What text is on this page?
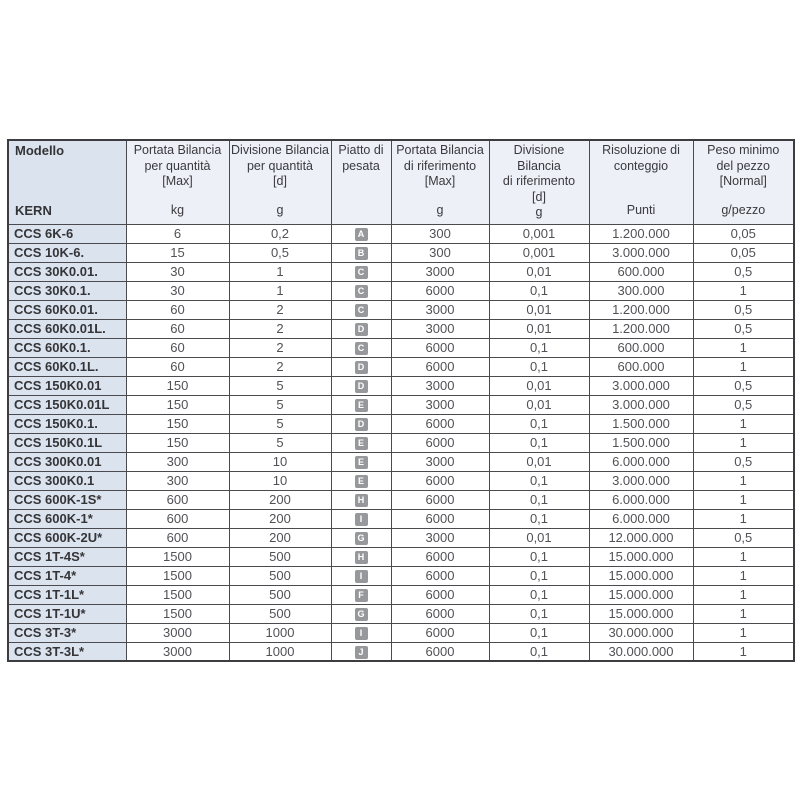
Modello
KERN

Portata Bilancia
per quantità
[Max]
kg

Divisione Bilancia
per quantità
[d]
g

Piatto di
pesata

Portata Bilancia
di riferimento
[Max]
g

Divisione Bilancia
di riferimento
[d]
g

Risoluzione di
conteggio
Punti

Peso minimo
del pezzo
[Normal]
g/pezzo

CCS 6K-6	6	0,2	A	300	0,001	1.200.000	0,05
CCS 10K-6.	15	0,5	B	300	0,001	3.000.000	0,05
CCS 30K0.01.	30	1	C	3000	0,01	600.000	0,5
CCS 30K0.1.	30	1	C	6000	0,1	300.000	1
CCS 60K0.01.	60	2	C	3000	0,01	1.200.000	0,5
CCS 60K0.01L.	60	2	D	3000	0,01	1.200.000	0,5
CCS 60K0.1.	60	2	C	6000	0,1	600.000	1
CCS 60K0.1L.	60	2	D	6000	0,1	600.000	1
CCS 150K0.01	150	5	D	3000	0,01	3.000.000	0,5
CCS 150K0.01L	150	5	E	3000	0,01	3.000.000	0,5
CCS 150K0.1.	150	5	D	6000	0,1	1.500.000	1
CCS 150K0.1L	150	5	E	6000	0,1	1.500.000	1
CCS 300K0.01	300	10	E	3000	0,01	6.000.000	0,5
CCS 300K0.1	300	10	E	6000	0,1	3.000.000	1
CCS 600K-1S*	600	200	H	6000	0,1	6.000.000	1
CCS 600K-1*	600	200	I	6000	0,1	6.000.000	1
CCS 600K-2U*	600	200	G	3000	0,01	12.000.000	0,5
CCS 1T-4S*	1500	500	H	6000	0,1	15.000.000	1
CCS 1T-4*	1500	500	I	6000	0,1	15.000.000	1
CCS 1T-1L*	1500	500	F	6000	0,1	15.000.000	1
CCS 1T-1U*	1500	500	G	6000	0,1	15.000.000	1
CCS 3T-3*	3000	1000	I	6000	0,1	30.000.000	1
CCS 3T-3L*	3000	1000	J	6000	0,1	30.000.000	1
